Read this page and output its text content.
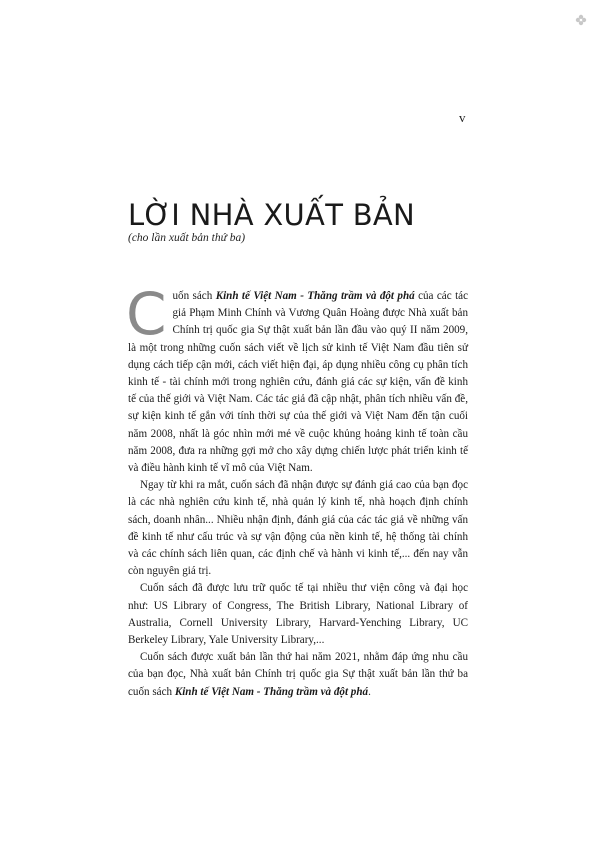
v
LỜI NHÀ XUẤT BẢN
(cho lần xuất bản thứ ba)

Cuốn sách Kinh tế Việt Nam - Thăng trầm và đột phá của các tác giả Phạm Minh Chính và Vương Quân Hoàng được Nhà xuất bản Chính trị quốc gia Sự thật xuất bản lần đầu vào quý II năm 2009, là một trong những cuốn sách viết về lịch sử kinh tế Việt Nam đầu tiên sử dụng cách tiếp cận mới, cách viết hiện đại, áp dụng nhiều công cụ phân tích kinh tế - tài chính mới trong nghiên cứu, đánh giá các sự kiện, vấn đề kinh tế của thế giới và Việt Nam. Các tác giả đã cập nhật, phân tích nhiều vấn đề, sự kiện kinh tế gắn với tính thời sự của thế giới và Việt Nam đến tận cuối năm 2008, nhất là góc nhìn mới mẻ về cuộc khủng hoảng kinh tế toàn cầu năm 2008, đưa ra những gợi mở cho xây dựng chiến lược phát triển kinh tế và điều hành kinh tế vĩ mô của Việt Nam.

Ngay từ khi ra mắt, cuốn sách đã nhận được sự đánh giá cao của bạn đọc là các nhà nghiên cứu kinh tế, nhà quản lý kinh tế, nhà hoạch định chính sách, doanh nhân... Nhiều nhận định, đánh giá của các tác giả về những vấn đề kinh tế như cấu trúc và sự vận động của nền kinh tế, hệ thống tài chính và các chính sách liên quan, các định chế và hành vi kinh tế,... đến nay vẫn còn nguyên giá trị.

Cuốn sách đã được lưu trữ quốc tế tại nhiều thư viện công và đại học như: US Library of Congress, The British Library, National Library of Australia, Cornell University Library, Harvard-Yenching Library, UC Berkeley Library, Yale University Library,...

Cuốn sách được xuất bản lần thứ hai năm 2021, nhằm đáp ứng nhu cầu của bạn đọc, Nhà xuất bản Chính trị quốc gia Sự thật xuất bản lần thứ ba cuốn sách Kinh tế Việt Nam - Thăng trầm và đột phá.
